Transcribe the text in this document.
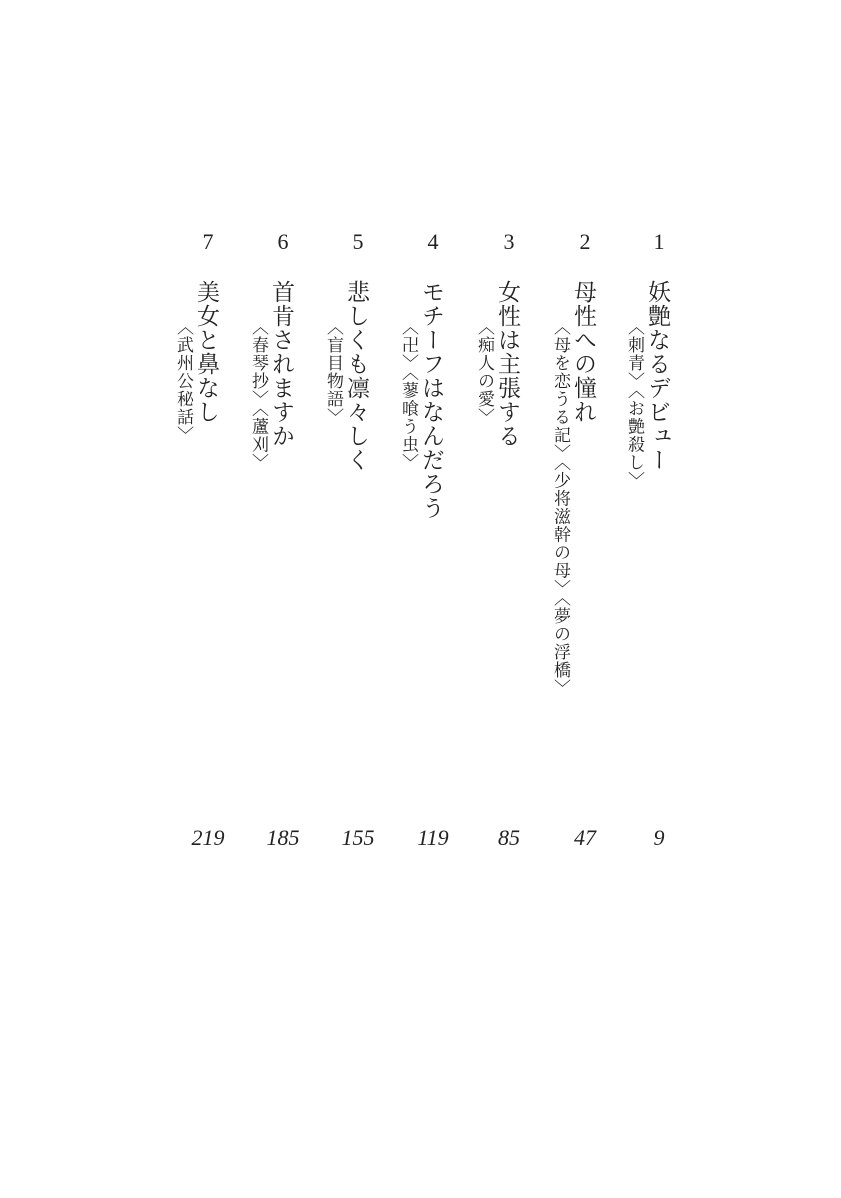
1
妖艶なるデビュー
〈刺青〉〈お艶殺し〉
9
2
母性への憧れ
〈母を恋うる記〉〈少将滋幹の母〉〈夢の浮橋〉
47
3
女性は主張する
〈痴人の愛〉
85
4
モチーフはなんだろう
〈卍〉〈蓼喰う虫〉
119
5
悲しくも凛々しく
〈盲目物語〉
155
6
首肯されますか
〈春琴抄〉〈蘆刈〉
185
7
美女と鼻なし
〈武州公秘話〉
219
